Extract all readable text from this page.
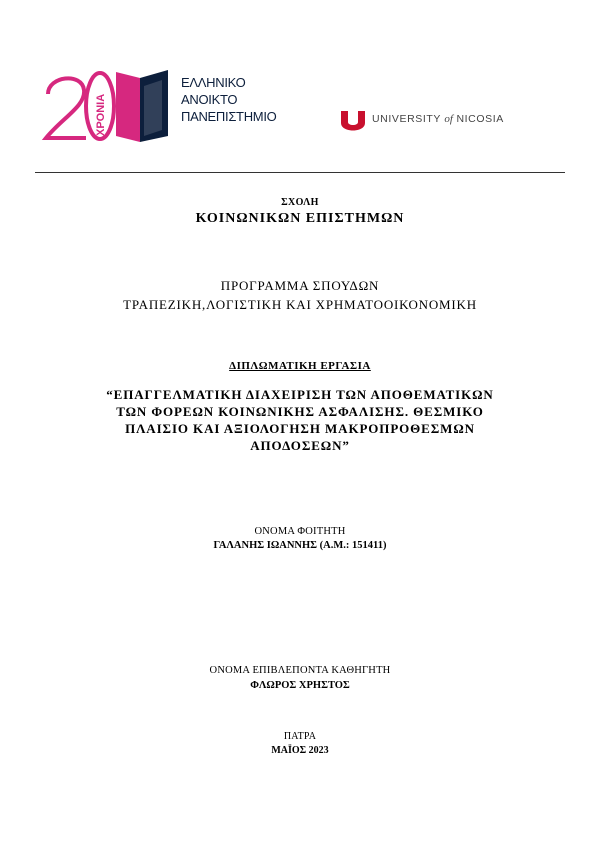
ΧΡΟΝΙΑ
ΕΛΛΗΝΙΚΟ
ΑΝΟΙΚΤΟ
ΠΑΝΕΠΙΣΤΗΜΙΟ	UNIVERSITY of NICOSIA
ΣΧΟΛΗ
ΚΟΙΝΩΝΙΚΩΝ ΕΠΙΣΤΗΜΩΝ
ΠΡΟΓΡΑΜΜΑ ΣΠΟΥΔΩΝ
ΤΡΑΠΕΖΙΚΗ,ΛΟΓΙΣΤΙΚΗ ΚΑΙ ΧΡΗΜΑΤΟΟΙΚΟΝΟΜΙΚΗ
ΔΙΠΛΩΜΑΤΙΚΗ ΕΡΓΑΣΙΑ
“ΕΠΑΓΓΕΛΜΑΤΙΚΗ ΔΙΑΧΕΙΡΙΣΗ ΤΩΝ ΑΠΟΘΕΜΑΤΙΚΩΝ
ΤΩΝ ΦΟΡΕΩΝ ΚΟΙΝΩΝΙΚΗΣ ΑΣΦΑΛΙΣΗΣ. ΘΕΣΜΙΚΟ
ΠΛΑΙΣΙΟ ΚΑΙ ΑΞΙΟΛΟΓΗΣΗ ΜΑΚΡΟΠΡΟΘΕΣΜΩΝ
ΑΠΟΔΟΣΕΩΝ”
ΟΝΟΜΑ ΦΟΙΤΗΤΗ
ΓΑΛΑΝΗΣ ΙΩΑΝΝΗΣ (Α.Μ.: 151411)
ΟΝΟΜΑ ΕΠΙΒΛΕΠΟΝΤΑ ΚΑΘΗΓΗΤΗ
ΦΛΩΡΟΣ ΧΡΗΣΤΟΣ
ΠΑΤΡΑ
ΜΑΪΟΣ 2023
